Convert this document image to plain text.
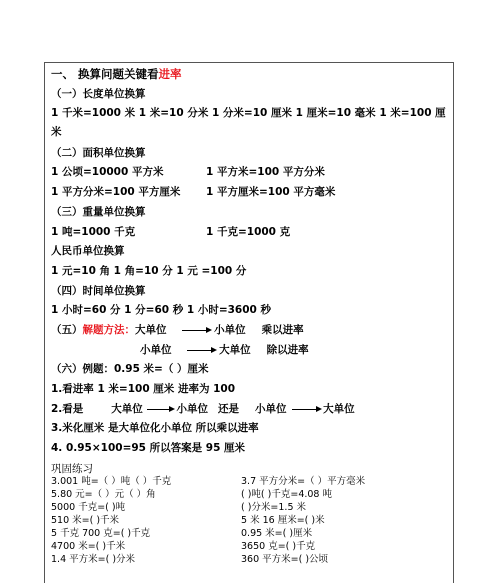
一、 换算问题关键看进率
（一）长度单位换算
1 千米=1000 米 1 米=10 分米 1 分米=10 厘米 1 厘米=10 毫米 1 米=100 厘
米
（二）面积单位换算
1 公顷=10000 平方米	1 平方米=100 平方分米
1 平方分米=100 平方厘米 1 平方厘米=100 平方毫米
（三）重量单位换算
1 吨=1000 千克	1 千克=1000 克
人民币单位换算
1 元=10 角 1 角=10 分 1 元 =100 分
（四）时间单位换算
1 小时=60 分 1 分=60 秒 1 小时=3600 秒
（五）解题方法：大单位	小单位 乘以进率
小单位	大单位 除以进率
（六）例题：0.95 米=（ ）厘米
1.看进率 1 米=100 厘米 进率为 100
2.看是	大单位	小单位 还是 小单位	大单位
3.米化厘米 是大单位化小单位 所以乘以进率
4. 0.95×100=95 所以答案是 95 厘米
巩固练习
3.001 吨=（ ）吨（ ）千克	3.7 平方分米=（ ）平方毫米
5.80 元=（ ）元（ ）角	( )吨( )千克=4.08 吨
5000 千克=( )吨	( )分米=1.5 米
510 米=( )千米	5 米 16 厘米=( )米
5 千克 700 克=( )千克	0.95 米=( )厘米
4700 米=( )千米	3650 克=( )千克
1.4 平方米=( )分米	360 平方米=( )公顷
